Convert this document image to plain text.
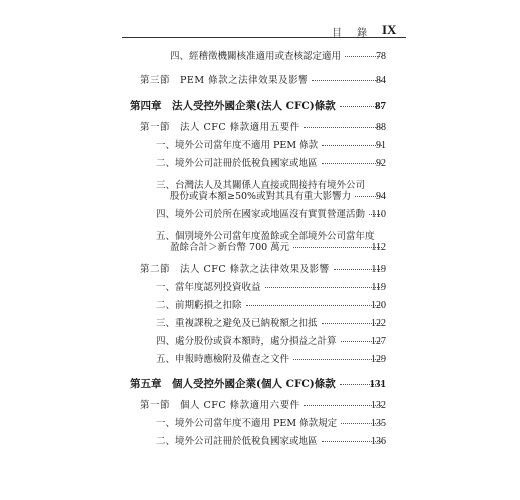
目 錄 IX
四、經稽徵機關核准適用或查核認定適用	78
第三節　PEM 條款之法律效果及影響	84
第四章　法人受控外國企業(法人 CFC)條款	87
第一節　法人 CFC 條款適用五要件	88
一、境外公司當年度不適用 PEM 條款	91
二、境外公司註冊於低稅負國家或地區	92
三、台灣法人及其關係人直接或間接持有境外公司
股份或資本額≥50%或對其具有重大影響力 94
四、境外公司於所在國家或地區沒有實質營運活動 110
五、個別境外公司當年度盈餘或全部境外公司當年度
盈餘合計＞新台幣 700 萬元	112
第二節　法人 CFC 條款之法律效果及影響	119
一、當年度認列投資收益	119
二、前期虧損之扣除	120
三、重複課稅之避免及已納稅額之扣抵	122
四、處分股份或資本額時，處分損益之計算	127
五、申報時應檢附及備查之文件	129
第五章　個人受控外國企業(個人 CFC)條款	131
第一節　個人 CFC 條款適用六要件	132
一、境外公司當年度不適用 PEM 條款規定	135
二、境外公司註冊於低稅負國家或地區	136
